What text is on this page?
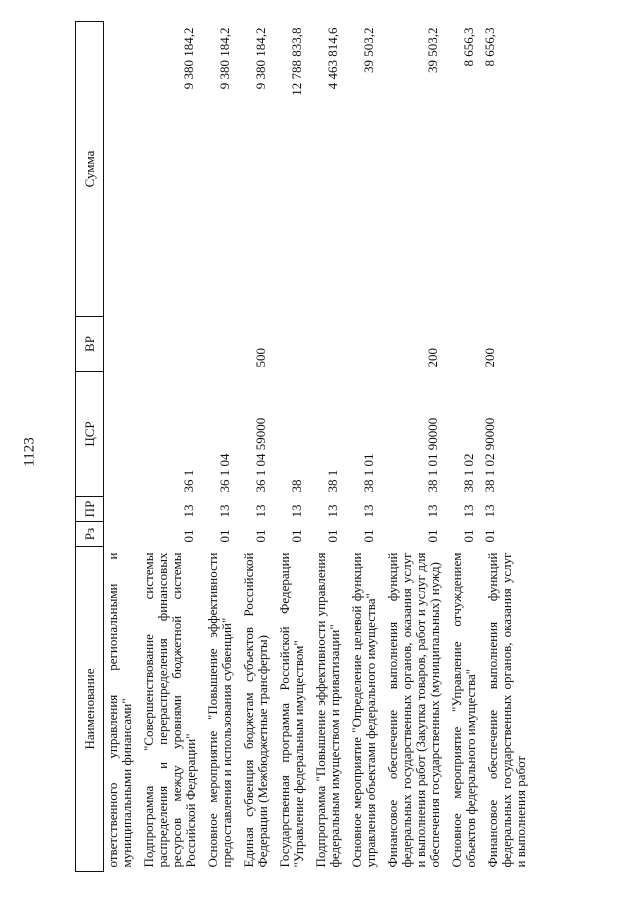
1123
Наименование	Рз	ПР	ЦСР	ВР	Сумма
ответственного управления региональными и муниципальными финансами"					
Подпрограмма "Совершенствование системы распределения и перераспределения финансовых ресурсов между уровнями бюджетной системы Российской Федерации"	01	13	36 1		9 380 184,2
Основное мероприятие "Повышение эффективности предоставления и использования субвенций"	01	13	36 1 04		9 380 184,2
Единая субвенция бюджетам субъектов Российской Федерации (Межбюджетные трансферты)	01	13	36 1 04 59000	500	9 380 184,2
Государственная программа Российской Федерации "Управление федеральным имуществом"	01	13	38		12 788 833,8
Подпрограмма "Повышение эффективности управления федеральным имуществом и приватизации"	01	13	38 1		4 463 814,6
Основное мероприятие "Определение целевой функции управления объектами федерального имущества"	01	13	38 1 01		39 503,2
Финансовое обеспечение выполнения функций федеральных государственных органов, оказания услуг и выполнения работ (Закупка товаров, работ и услуг для обеспечения государственных (муниципальных) нужд)	01	13	38 1 01 90000	200	39 503,2
Основное мероприятие "Управление отчуждением объектов федерального имущества"	01	13	38 1 02		8 656,3
Финансовое обеспечение выполнения функций федеральных государственных органов, оказания услуг и выполнения работ	01	13	38 1 02 90000	200	8 656,3
